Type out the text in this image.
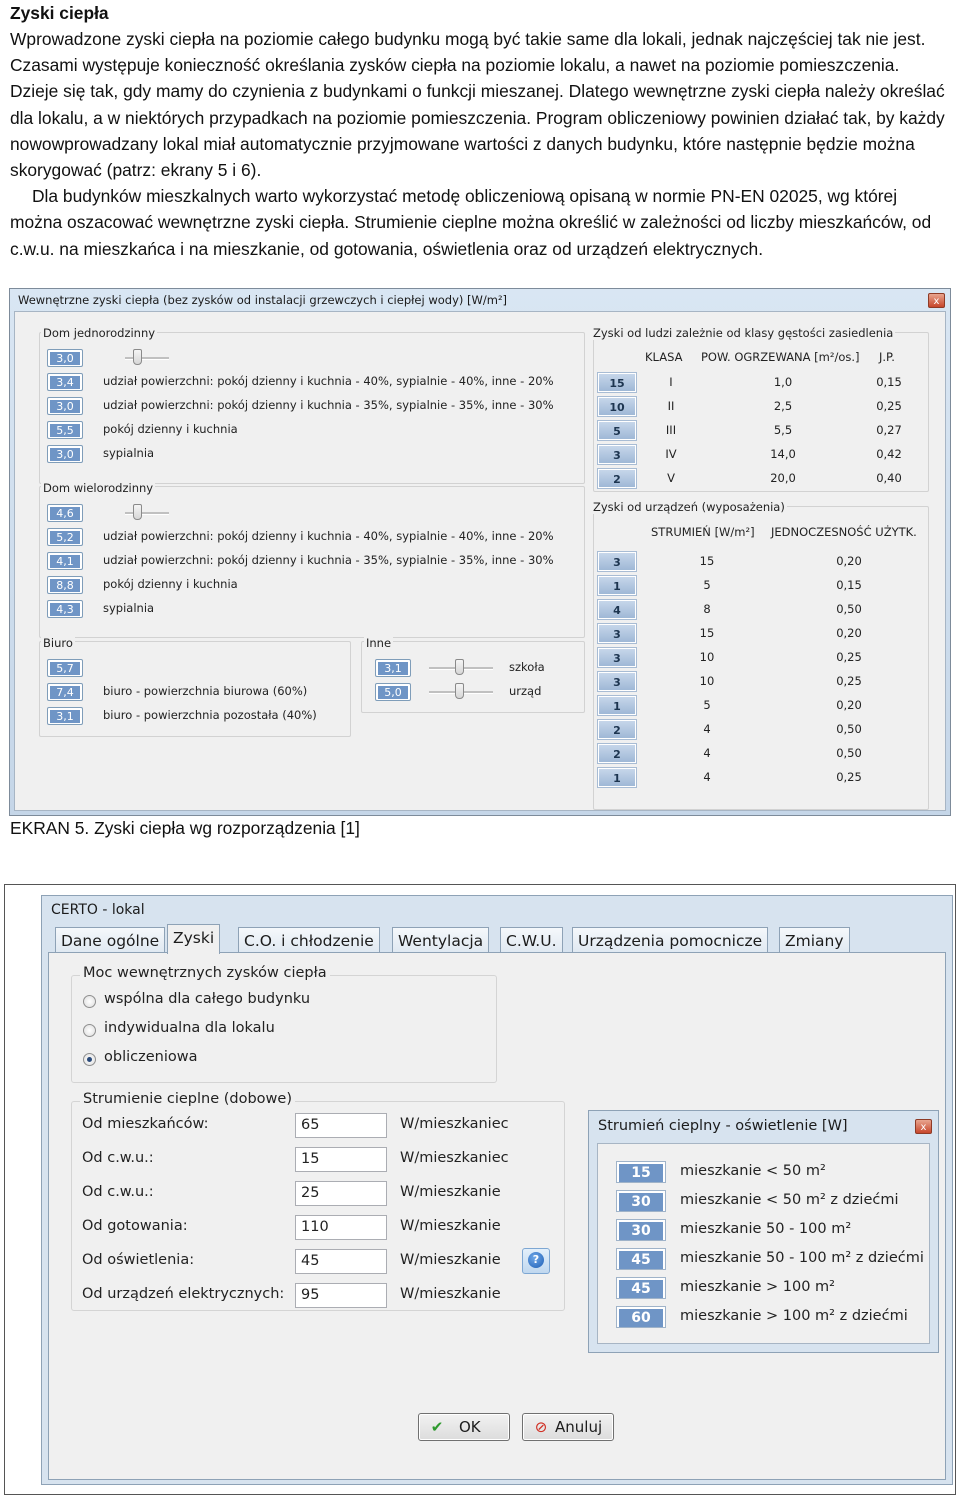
Zyski ciepła

Wprowadzone zyski ciepła na poziomie całego budynku mogą być takie same dla lokali, jednak najczęściej tak nie jest. Czasami występuje konieczność określania zysków ciepła na poziomie lokalu, a nawet na poziomie pomieszczenia. Dzieje się tak, gdy mamy do czynienia z budynkami o funkcji mieszanej. Dlatego wewnętrzne zyski ciepła należy określać dla lokalu, a w niektórych przypadkach na poziomie pomieszczenia. Program obliczeniowy powinien działać tak, by każdy nowowprowadzany lokal miał automatycznie przyjmowane wartości z danych budynku, które następnie będzie można skorygować (patrz: ekrany 5 i 6).

Dla budynków mieszkalnych warto wykorzystać metodę obliczeniową opisaną w normie PN-EN 02025, wg której można oszacować wewnętrzne zyski ciepła. Strumienie cieplne można określić w zależności od liczby mieszkańców, od c.w.u. na mieszkańca i na mieszkanie, od gotowania, oświetlenia oraz od urządzeń elektrycznych.

Wewnętrzne zyski ciepła (bez zysków od instalacji grzewczych i ciepłej wody) [W/m²]	x
Dom jednorodzinny
Dom wielorodzinny
Biuro	Inne
Zyski od ludzi zależnie od klasy gęstości zasiedlenia
KLASA POW. OGRZEWANA [m²/os.] J.P.
Zyski od urządzeń (wyposażenia)
STRUMIEŃ [W/m²] JEDNOCZESNOŚĆ UŻYTK.
3,0
3,4	udział powierzchni: pokój dzienny i kuchnia - 40%, sypialnie - 40%, inne - 20%
3,0	udział powierzchni: pokój dzienny i kuchnia - 35%, sypialnie - 35%, inne - 30%
5,5	pokój dzienny i kuchnia
3,0	sypialnia
4,6
5,2	udział powierzchni: pokój dzienny i kuchnia - 40%, sypialnie - 40%, inne - 20%
4,1	udział powierzchni: pokój dzienny i kuchnia - 35%, sypialnie - 35%, inne - 30%
8,8	pokój dzienny i kuchnia
4,3	sypialnia
5,7
7,4	biuro - powierzchnia biurowa (60%)
3,1	biuro - powierzchnia pozostała (40%)
3,1	szkoła
5,0	urząd
15	I	1,0	0,15
10	II	2,5	0,25
5	III	5,5	0,27
3	IV	14,0	0,42
2	V	20,0	0,40
3	15	0,20
1	5	0,15
4	8	0,50
3	15	0,20
3	10	0,25
3	10	0,25
1	5	0,20
2	4	0,50
2	4	0,50
1	4	0,25
EKRAN 5. Zyski ciepła wg rozporządzenia [1]
CERTO - lokal
Dane ogólne Zyski	C.O. i chłodzenie	Wentylacja	C.W.U.	Urządzenia pomocnicze	Zmiany
Moc wewnętrznych zysków ciepła
wspólna dla całego budynku
indywidualna dla lokalu
obliczeniowa
Strumienie cieplne (dobowe)
?
✔ OK	⊘ Anuluj
Od mieszkańców:	65	W/mieszkaniec
Od c.w.u.:	15	W/mieszkaniec
Od c.w.u.:	25	W/mieszkanie
Od gotowania:	110	W/mieszkanie
Od oświetlenia:	45	W/mieszkanie
Od urządzeń elektrycznych:	95	W/mieszkanie
Strumień cieplny - oświetlenie [W]	x
15	mieszkanie < 50 m²
30	mieszkanie < 50 m² z dziećmi
30	mieszkanie 50 - 100 m²
45	mieszkanie 50 - 100 m² z dziećmi
45	mieszkanie > 100 m²
60	mieszkanie > 100 m² z dziećmi
